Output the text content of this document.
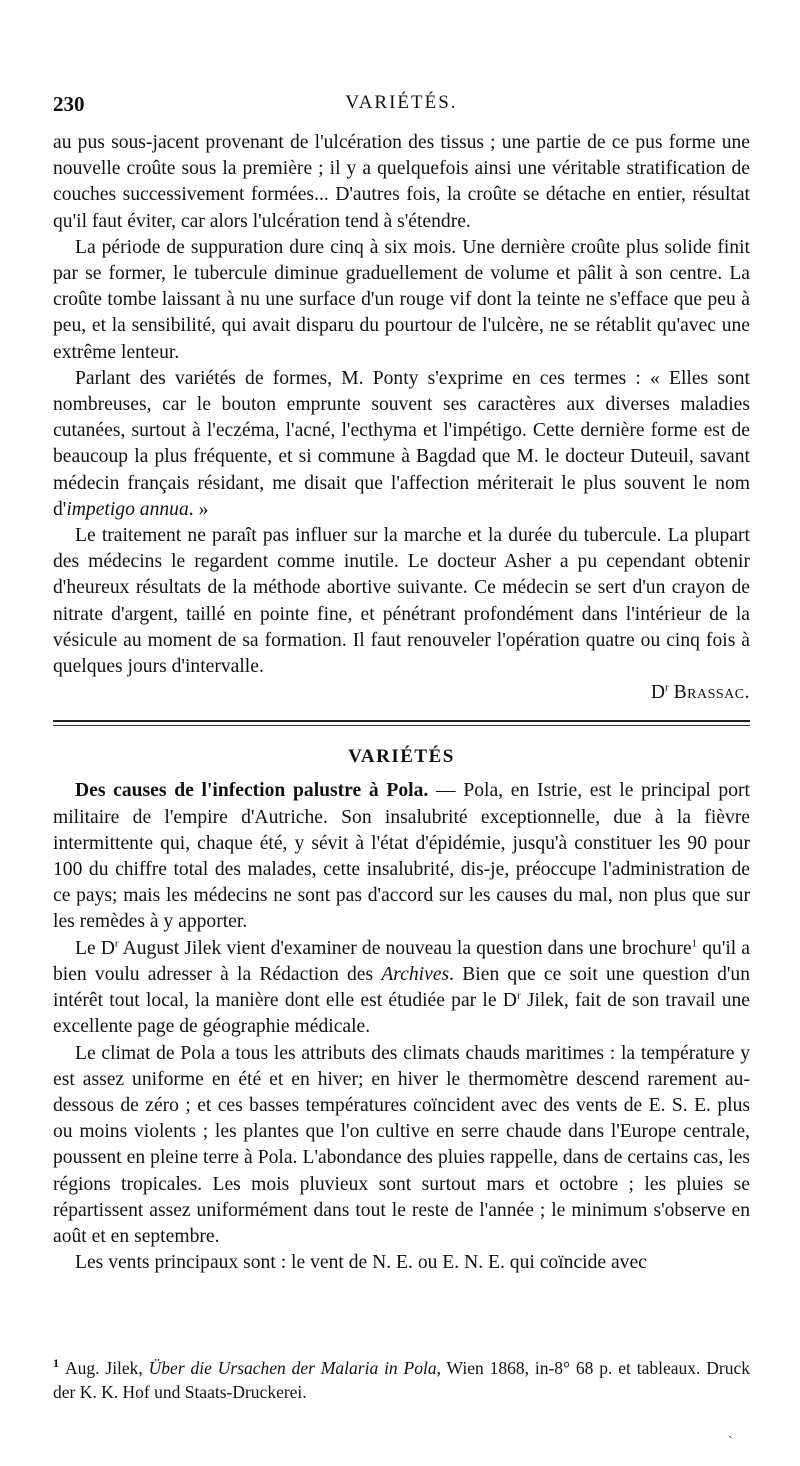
230	VARIÉTÉS.

au pus sous-jacent provenant de l'ulcération des tissus ; une partie de ce pus forme une nouvelle croûte sous la première ; il y a quelquefois ainsi une véritable stratification de couches successivement formées... D'autres fois, la croûte se détache en entier, résultat qu'il faut éviter, car alors l'ulcération tend à s'étendre.

La période de suppuration dure cinq à six mois. Une dernière croûte plus solide finit par se former, le tubercule diminue graduellement de volume et pâlit à son centre. La croûte tombe laissant à nu une surface d'un rouge vif dont la teinte ne s'efface que peu à peu, et la sensibilité, qui avait disparu du pourtour de l'ulcère, ne se rétablit qu'avec une extrême lenteur.

Parlant des variétés de formes, M. Ponty s'exprime en ces termes : « Elles sont nombreuses, car le bouton emprunte souvent ses caractères aux diverses maladies cutanées, surtout à l'eczéma, l'acné, l'ecthyma et l'impétigo. Cette dernière forme est de beaucoup la plus fréquente, et si commune à Bagdad que M. le docteur Duteuil, savant médecin français résidant, me disait que l'affection mériterait le plus souvent le nom d'impetigo annua. »

Le traitement ne paraît pas influer sur la marche et la durée du tubercule. La plupart des médecins le regardent comme inutile. Le docteur Asher a pu cependant obtenir d'heureux résultats de la méthode abortive suivante. Ce médecin se sert d'un crayon de nitrate d'argent, taillé en pointe fine, et pénétrant profondément dans l'intérieur de la vésicule au moment de sa formation. Il faut renouveler l'opération quatre ou cinq fois à quelques jours d'intervalle.

$D^r$ Brassac.

VARIÉTÉS

Des causes de l'infection palustre à Pola. — Pola, en Istrie, est le principal port militaire de l'empire d'Autriche. Son insalubrité exceptionnelle, due à la fièvre intermittente qui, chaque été, y sévit à l'état d'épidémie, jusqu'à constituer les 90 pour 100 du chiffre total des malades, cette insalubrité, dis-je, préoccupe l'administration de ce pays; mais les médecins ne sont pas d'accord sur les causes du mal, non plus que sur les remèdes à y apporter.

Le $D^r$ August Jilek vient d'examiner de nouveau la question dans une brochure$^1$ qu'il a bien voulu adresser à la Rédaction des Archives. Bien que ce soit une question d'un intérêt tout local, la manière dont elle est étudiée par le $D^r$ Jilek, fait de son travail une excellente page de géographie médicale.

Le climat de Pola a tous les attributs des climats chauds maritimes : la température y est assez uniforme en été et en hiver; en hiver le thermomètre descend rarement au-dessous de zéro ; et ces basses températures coïncident avec des vents de E. S. E. plus ou moins violents ; les plantes que l'on cultive en serre chaude dans l'Europe centrale, poussent en pleine terre à Pola. L'abondance des pluies rappelle, dans de certains cas, les régions tropicales. Les mois pluvieux sont surtout mars et octobre ; les pluies se répartissent assez uniformément dans tout le reste de l'année ; le minimum s'observe en août et en septembre.

Les vents principaux sont : le vent de N. E. ou E. N. E. qui coïncide avec

$^1$ Aug. Jilek, Über die Ursachen der Malaria in Pola, Wien 1868, in-8° 68 p. et tableaux. Druck der K. K. Hof und Staats-Druckerei.

ˏ
